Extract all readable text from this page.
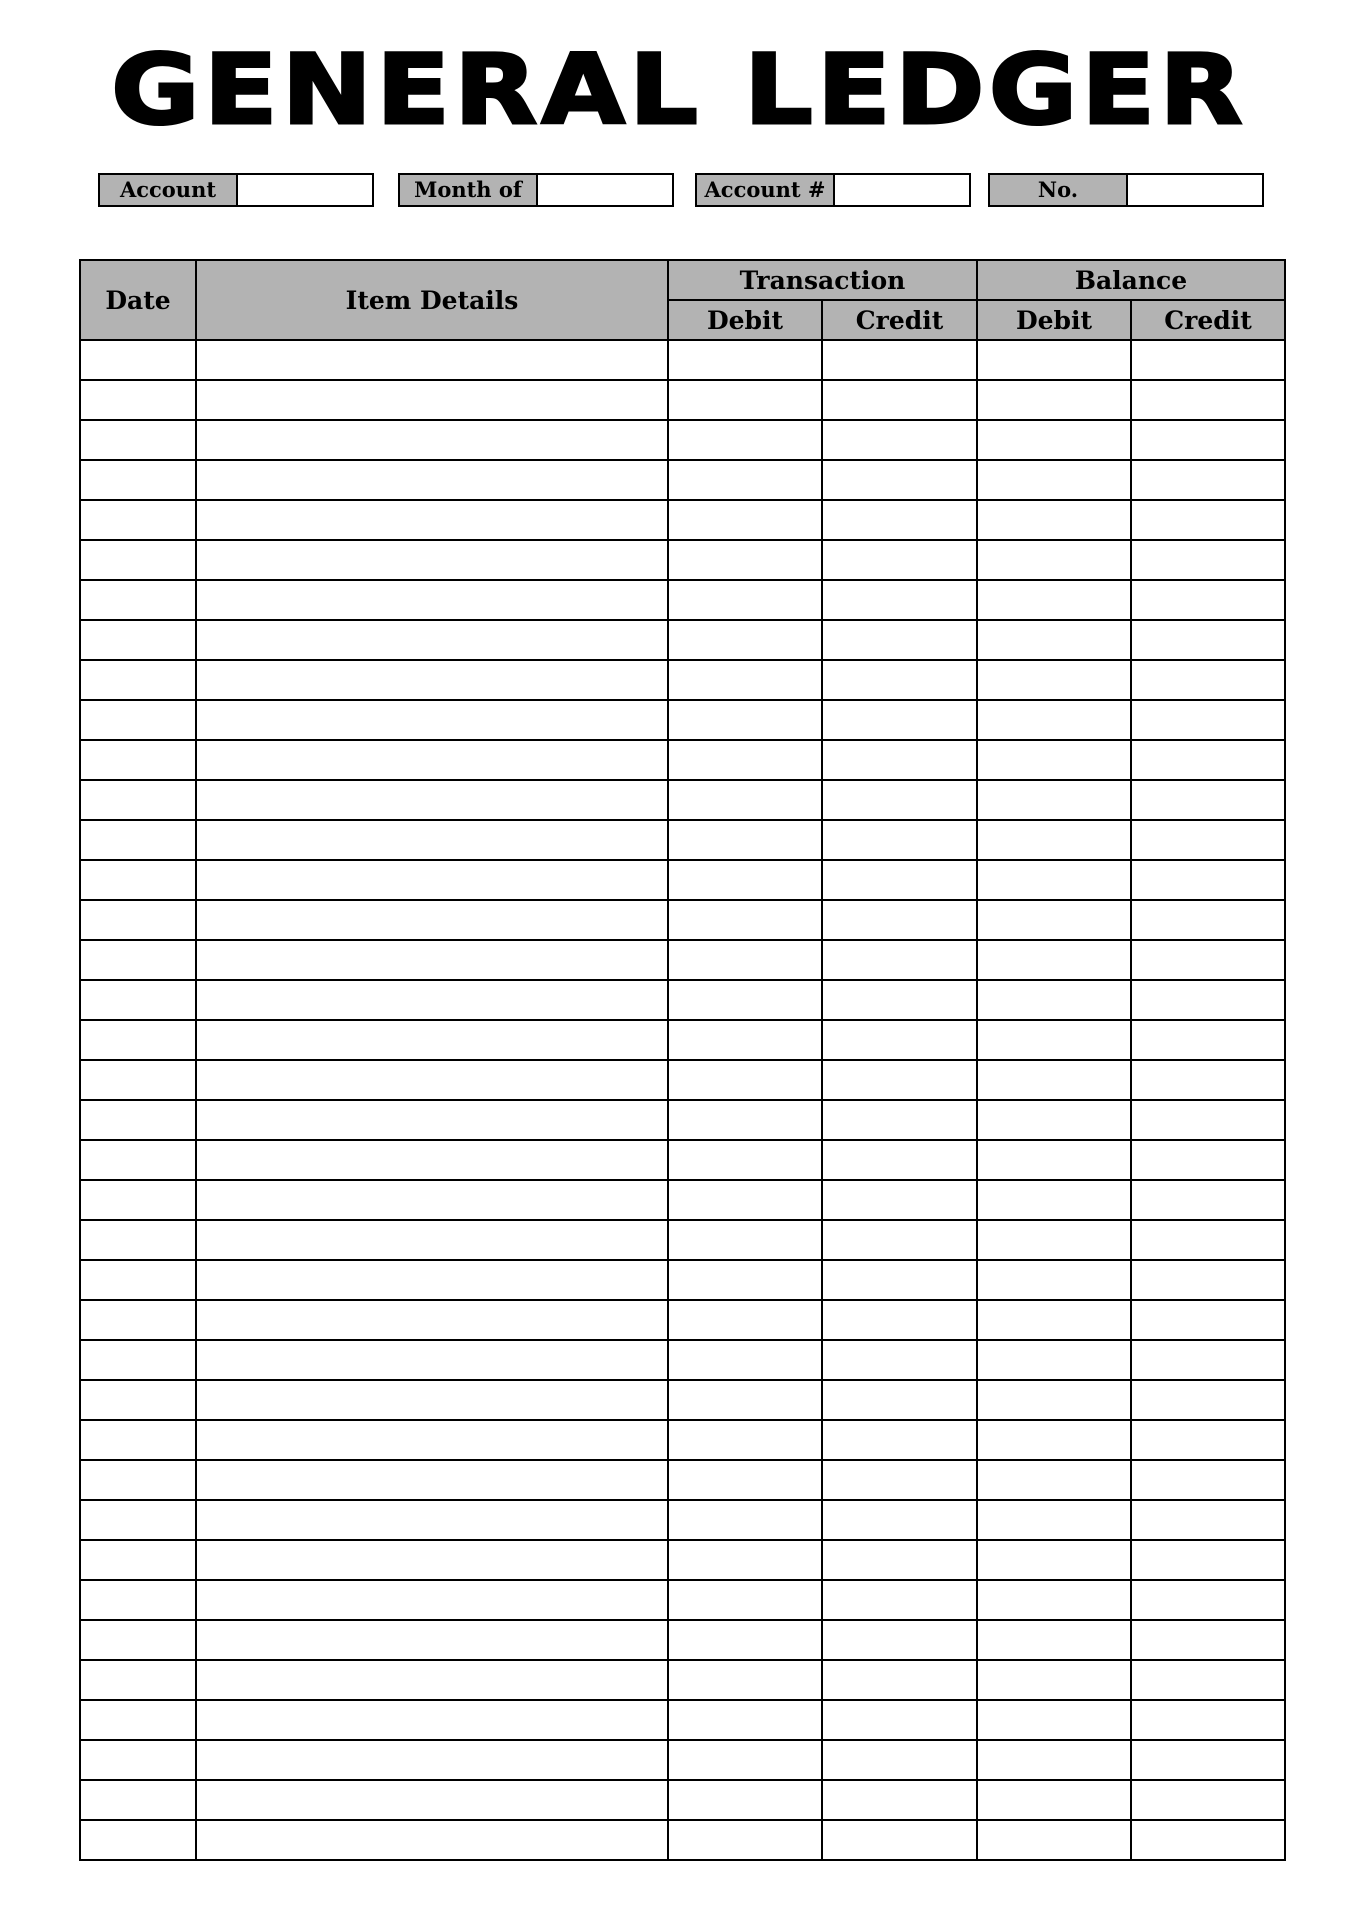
GENERAL LEDGER
Account	Month of	Account #	No.
Date	Item Details	Transaction		Balance	
		Debit	Credit	Debit	Credit
